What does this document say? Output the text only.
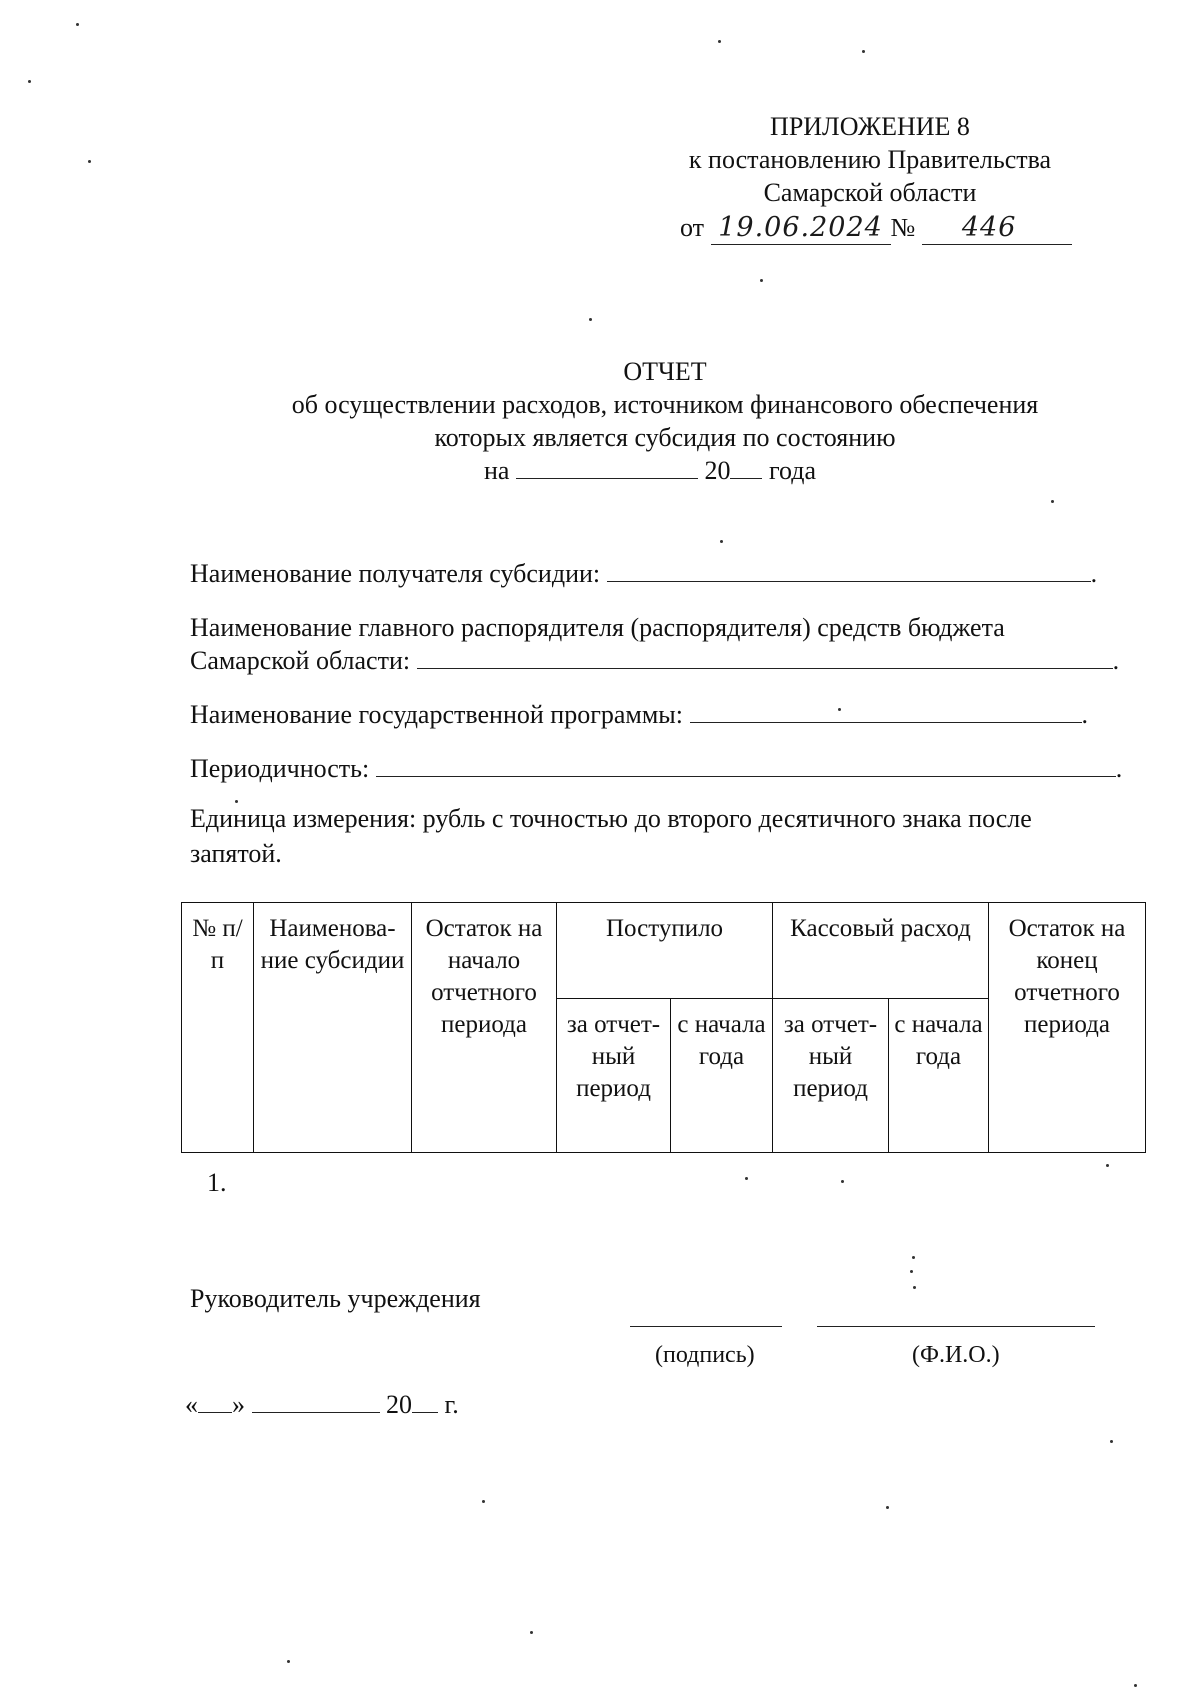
ПРИЛОЖЕНИЕ 8
к постановлению Правительства
Самарской области
от 19.06.2024 № 446
ОТЧЕТ
об осуществлении расходов, источником финансового обеспечения
которых является субсидия по состоянию
на	20 года
Наименование получателя субсидии:	.
Наименование главного распорядителя (распорядителя) средств бюджета
Самарской области:	.
Наименование государственной программы:	.
Периодичность:	.
Единица измерения: рубль с точностью до второго десятичного знака после
запятой.
№ п/п	Наименова-ние субсидии	Остаток на начало отчетного периода	Поступило		Кассовый расход		Остаток на конец отчетного периода
			за отчет-ный период	с начала года	за отчет-ный период	с начала года	
1.
Руководитель учреждения
(подпись)	(Ф.И.О.)
« »	20 г.
